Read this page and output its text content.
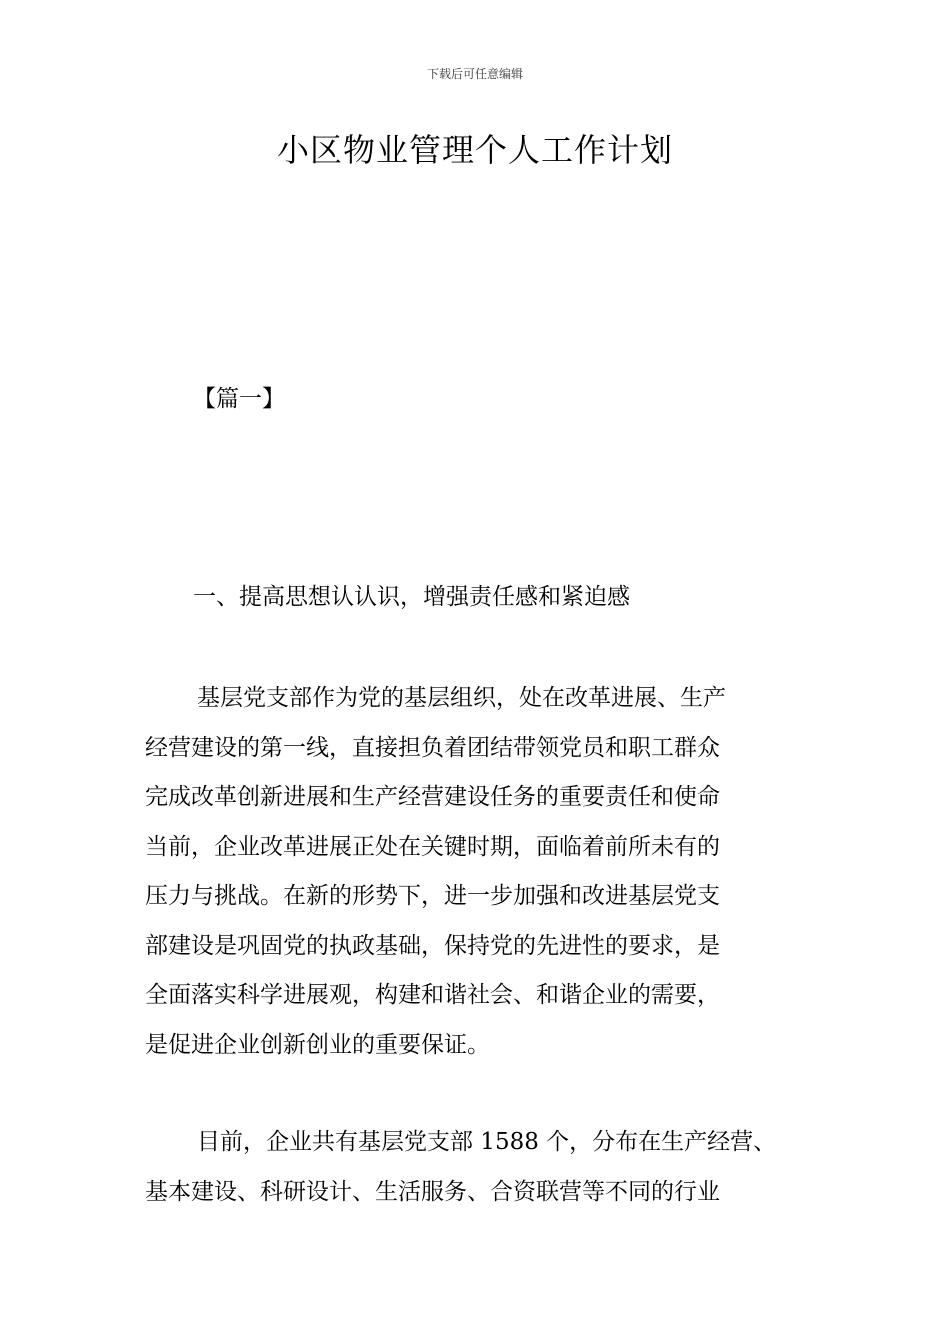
下载后可任意编辑
小区物业管理个人工作计划
【篇一】
一、提高思想认认识，增强责任感和紧迫感
基层党支部作为党的基层组织，处在改革进展、生产
经营建设的第一线，直接担负着团结带领党员和职工群众
完成改革创新进展和生产经营建设任务的重要责任和使命
当前，企业改革进展正处在关键时期，面临着前所未有的
压力与挑战。在新的形势下，进一步加强和改进基层党支
部建设是巩固党的执政基础，保持党的先进性的要求，是
全面落实科学进展观，构建和谐社会、和谐企业的需要，
是促进企业创新创业的重要保证。
目前，企业共有基层党支部 1588 个，分布在生产经营、
基本建设、科研设计、生活服务、合资联营等不同的行业
